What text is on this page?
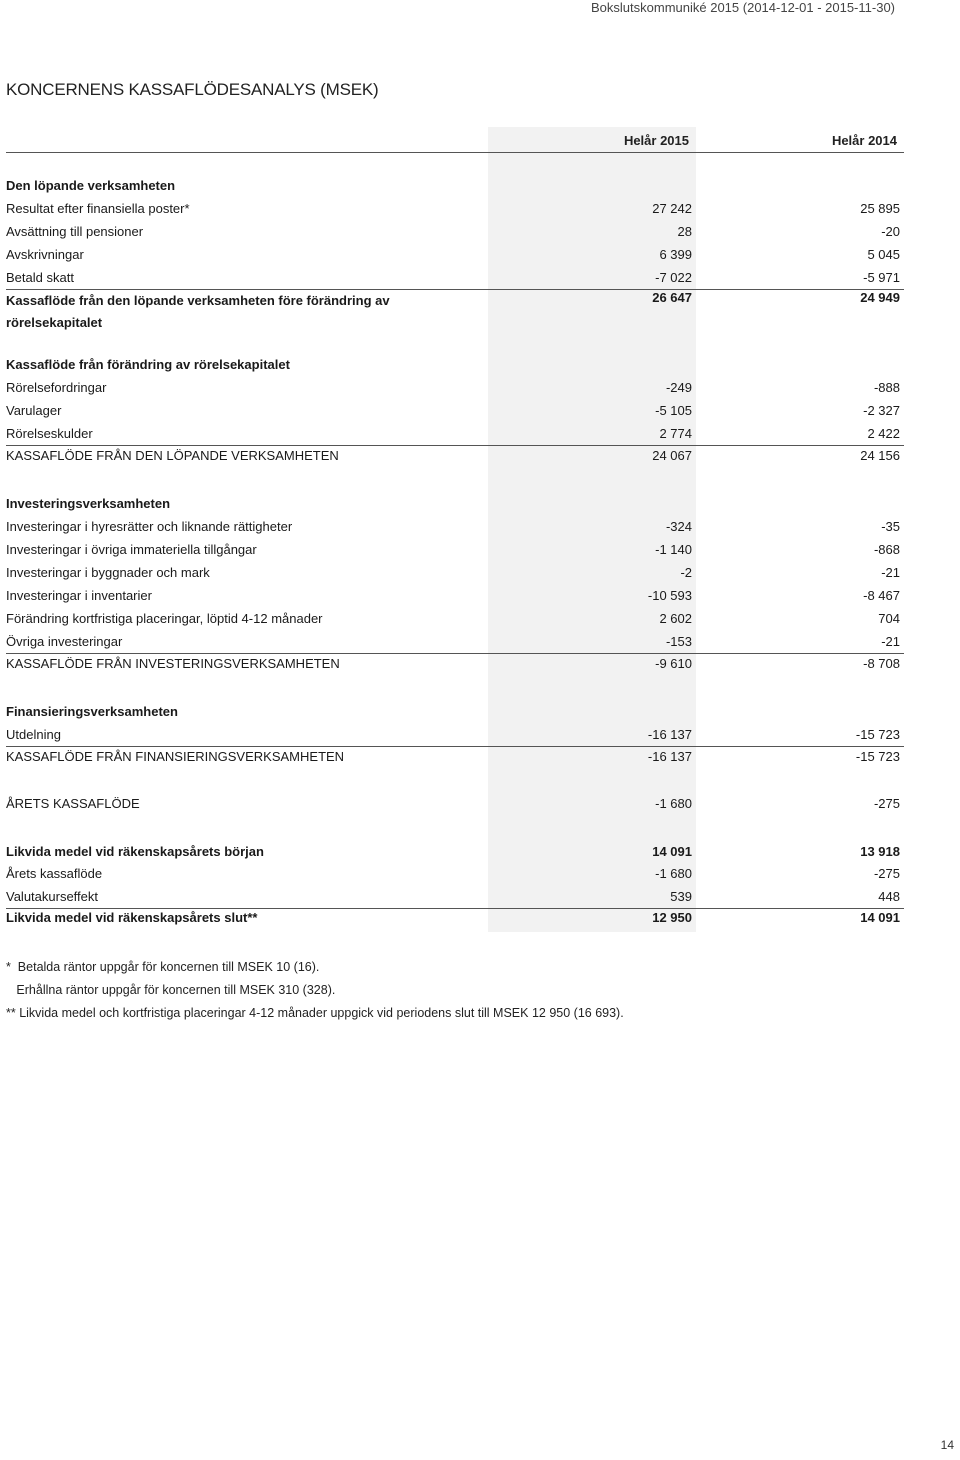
Bokslutskommuniké 2015 (2014-12-01 - 2015-11-30)
KONCERNENS KASSAFLÖDESANALYS (MSEK)
Helår 2015	Helår 2014
Den löpande verksamheten
Resultat efter finansiella poster*	27 242	25 895
Avsättning till pensioner	28	-20
Avskrivningar	6 399	5 045
Betald skatt	-7 022	-5 971
Kassaflöde från den löpande verksamheten före förändring av rörelsekapitalet
26 647	24 949
Kassaflöde från förändring av rörelsekapitalet
Rörelsefordringar	-249	-888
Varulager	-5 105	-2 327
Rörelseskulder	2 774	2 422
KASSAFLÖDE FRÅN DEN LÖPANDE VERKSAMHETEN	24 067	24 156
Investeringsverksamheten
Investeringar i hyresrätter och liknande rättigheter	-324	-35
Investeringar i övriga immateriella tillgångar	-1 140	-868
Investeringar i byggnader och mark	-2	-21
Investeringar i inventarier	-10 593	-8 467
Förändring kortfristiga placeringar, löptid 4-12 månader	2 602	704
Övriga investeringar	-153	-21
KASSAFLÖDE FRÅN INVESTERINGSVERKSAMHETEN	-9 610	-8 708
Finansieringsverksamheten
Utdelning	-16 137	-15 723
KASSAFLÖDE FRÅN FINANSIERINGSVERKSAMHETEN	-16 137	-15 723
ÅRETS KASSAFLÖDE	-1 680	-275
Likvida medel vid räkenskapsårets början	14 091	13 918
Årets kassaflöde	-1 680	-275
Valutakurseffekt	539	448
Likvida medel vid räkenskapsårets slut**	12 950	14 091
*  Betalda räntor uppgår för koncernen till MSEK 10 (16).
Erhållna räntor uppgår för koncernen till MSEK 310 (328).
** Likvida medel och kortfristiga placeringar 4-12 månader uppgick vid periodens slut till MSEK 12 950 (16 693).
14
